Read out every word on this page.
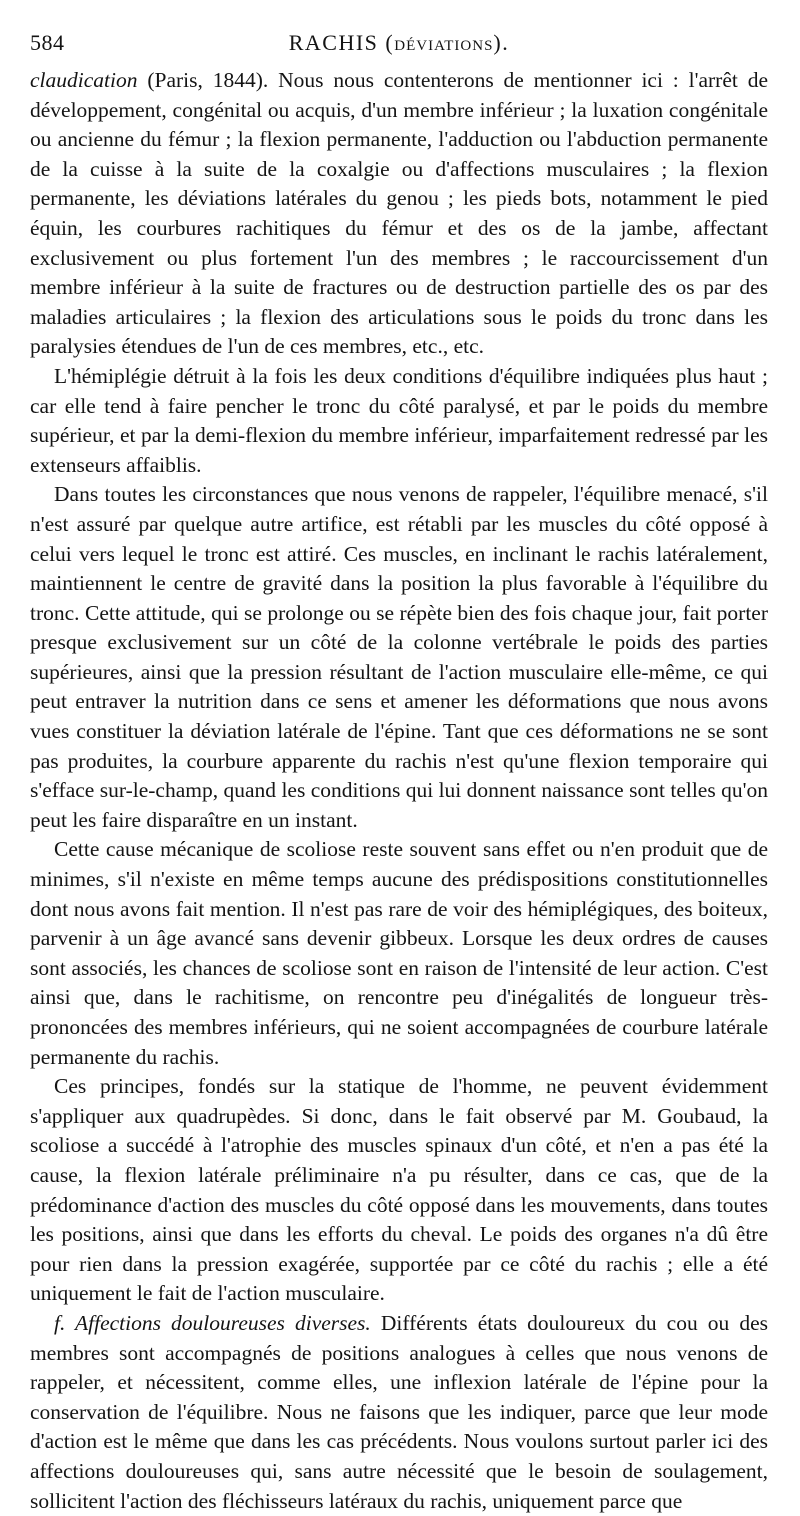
584	RACHIS (DÉVIATIONS).

claudication (Paris, 1844). Nous nous contenterons de mentionner ici : l'arrêt de développement, congénital ou acquis, d'un membre inférieur ; la luxation congénitale ou ancienne du fémur ; la flexion permanente, l'adduction ou l'abduction permanente de la cuisse à la suite de la coxalgie ou d'affections musculaires ; la flexion permanente, les déviations latérales du genou ; les pieds bots, notamment le pied équin, les courbures rachitiques du fémur et des os de la jambe, affectant exclusivement ou plus fortement l'un des membres ; le raccourcissement d'un membre inférieur à la suite de fractures ou de destruction partielle des os par des maladies articulaires ; la flexion des articulations sous le poids du tronc dans les paralysies étendues de l'un de ces membres, etc., etc.

L'hémiplégie détruit à la fois les deux conditions d'équilibre indiquées plus haut ; car elle tend à faire pencher le tronc du côté paralysé, et par le poids du membre supérieur, et par la demi-flexion du membre inférieur, imparfaitement redressé par les extenseurs affaiblis.

Dans toutes les circonstances que nous venons de rappeler, l'équilibre menacé, s'il n'est assuré par quelque autre artifice, est rétabli par les muscles du côté opposé à celui vers lequel le tronc est attiré. Ces muscles, en inclinant le rachis latéralement, maintiennent le centre de gravité dans la position la plus favorable à l'équilibre du tronc. Cette attitude, qui se prolonge ou se répète bien des fois chaque jour, fait porter presque exclusivement sur un côté de la colonne vertébrale le poids des parties supérieures, ainsi que la pression résultant de l'action musculaire elle-même, ce qui peut entraver la nutrition dans ce sens et amener les déformations que nous avons vues constituer la déviation latérale de l'épine. Tant que ces déformations ne se sont pas produites, la courbure apparente du rachis n'est qu'une flexion temporaire qui s'efface sur-le-champ, quand les conditions qui lui donnent naissance sont telles qu'on peut les faire disparaître en un instant.

Cette cause mécanique de scoliose reste souvent sans effet ou n'en produit que de minimes, s'il n'existe en même temps aucune des prédispositions constitutionnelles dont nous avons fait mention. Il n'est pas rare de voir des hémiplégiques, des boiteux, parvenir à un âge avancé sans devenir gibbeux. Lorsque les deux ordres de causes sont associés, les chances de scoliose sont en raison de l'intensité de leur action. C'est ainsi que, dans le rachitisme, on rencontre peu d'inégalités de longueur très-prononcées des membres inférieurs, qui ne soient accompagnées de courbure latérale permanente du rachis.

Ces principes, fondés sur la statique de l'homme, ne peuvent évidemment s'appliquer aux quadrupèdes. Si donc, dans le fait observé par M. Goubaud, la scoliose a succédé à l'atrophie des muscles spinaux d'un côté, et n'en a pas été la cause, la flexion latérale préliminaire n'a pu résulter, dans ce cas, que de la prédominance d'action des muscles du côté opposé dans les mouvements, dans toutes les positions, ainsi que dans les efforts du cheval. Le poids des organes n'a dû être pour rien dans la pression exagérée, supportée par ce côté du rachis ; elle a été uniquement le fait de l'action musculaire.

f. Affections douloureuses diverses. Différents états douloureux du cou ou des membres sont accompagnés de positions analogues à celles que nous venons de rappeler, et nécessitent, comme elles, une inflexion latérale de l'épine pour la conservation de l'équilibre. Nous ne faisons que les indiquer, parce que leur mode d'action est le même que dans les cas précédents. Nous voulons surtout parler ici des affections douloureuses qui, sans autre nécessité que le besoin de soulagement, sollicitent l'action des fléchisseurs latéraux du rachis, uniquement parce que
